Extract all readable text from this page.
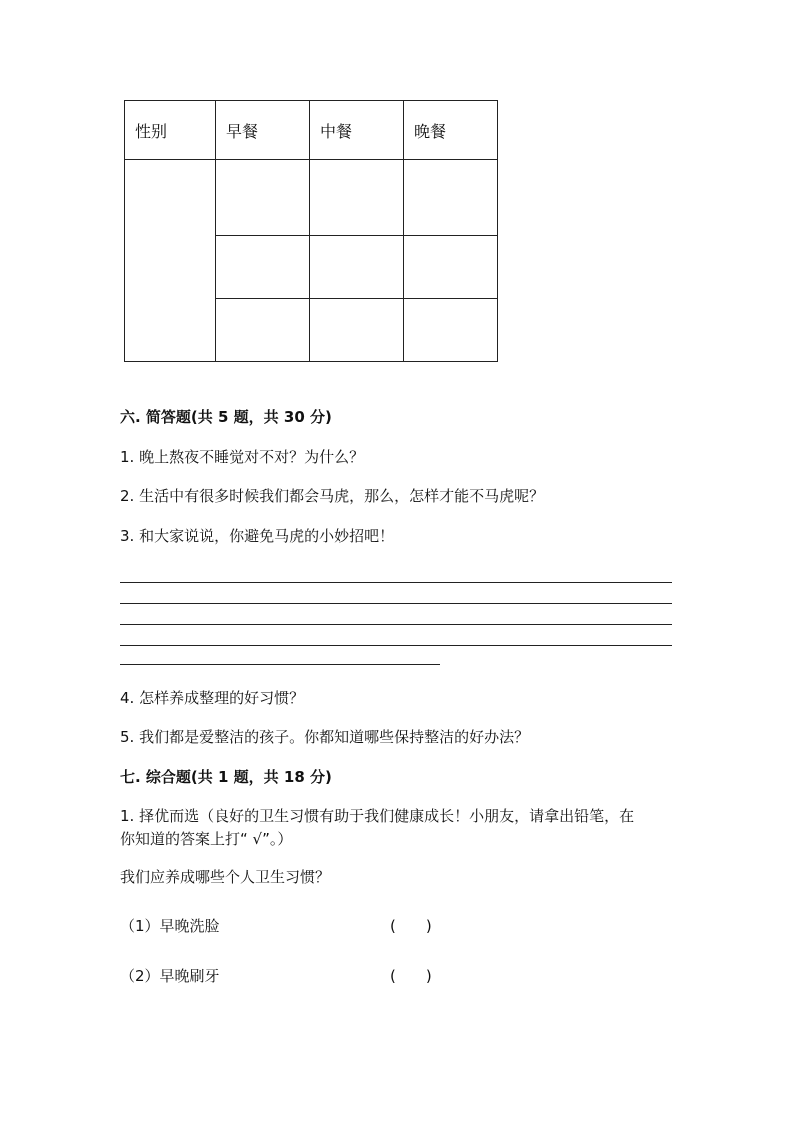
性别	早餐	中餐	晚餐

六. 简答题(共 5 题，共 30 分)
1. 晚上熬夜不睡觉对不对？为什么？
2. 生活中有很多时候我们都会马虎，那么，怎样才能不马虎呢？
3. 和大家说说，你避免马虎的小妙招吧！
4. 怎样养成整理的好习惯？
5. 我们都是爱整洁的孩子。你都知道哪些保持整洁的好办法？
七. 综合题(共 1 题，共 18 分)
1. 择优而选（良好的卫生习惯有助于我们健康成长！小朋友，请拿出铅笔，在
你知道的答案上打“ √”。）
我们应养成哪些个人卫生习惯？
（1）早晚洗脸	(　　)
（2）早晚刷牙	(　　)
